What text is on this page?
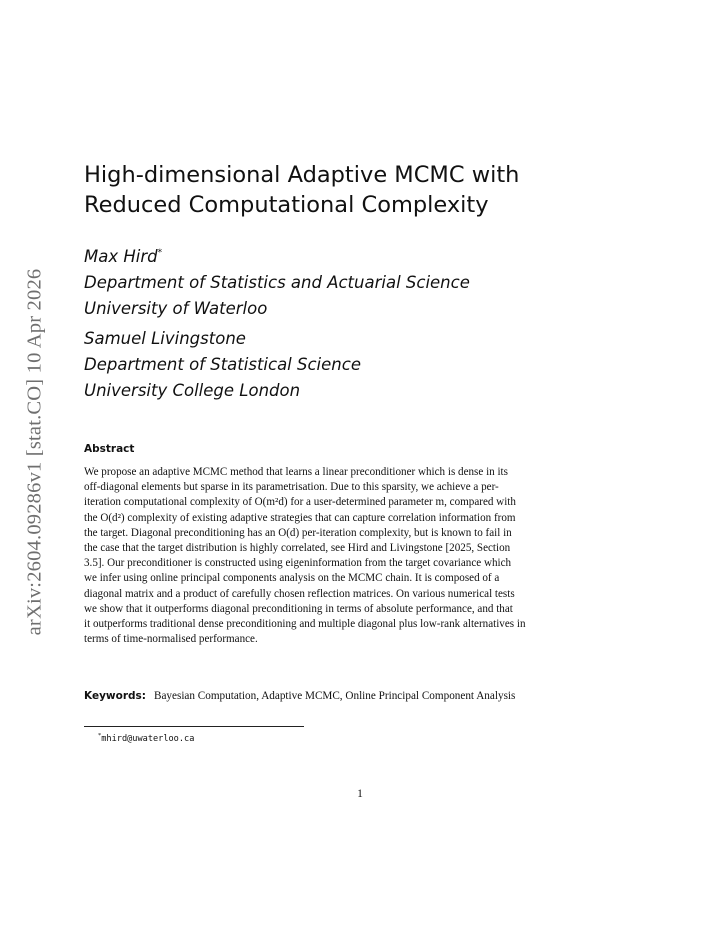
arXiv:2604.09286v1 [stat.CO] 10 Apr 2026
High-dimensional Adaptive MCMC with
Reduced Computational Complexity
Max Hird*
Department of Statistics and Actuarial Science
University of Waterloo
Samuel Livingstone
Department of Statistical Science
University College London
Abstract
We propose an adaptive MCMC method that learns a linear preconditioner which is dense in its
off-diagonal elements but sparse in its parametrisation. Due to this sparsity, we achieve a per-
iteration computational complexity of O(m²d) for a user-determined parameter m, compared with
the O(d²) complexity of existing adaptive strategies that can capture correlation information from
the target. Diagonal preconditioning has an O(d) per-iteration complexity, but is known to fail in
the case that the target distribution is highly correlated, see Hird and Livingstone [2025, Section
3.5]. Our preconditioner is constructed using eigeninformation from the target covariance which
we infer using online principal components analysis on the MCMC chain. It is composed of a
diagonal matrix and a product of carefully chosen reflection matrices. On various numerical tests
we show that it outperforms diagonal preconditioning in terms of absolute performance, and that
it outperforms traditional dense preconditioning and multiple diagonal plus low-rank alternatives in
terms of time-normalised performance.
Keywords: Bayesian Computation, Adaptive MCMC, Online Principal Component Analysis
*mhird@uwaterloo.ca
1
